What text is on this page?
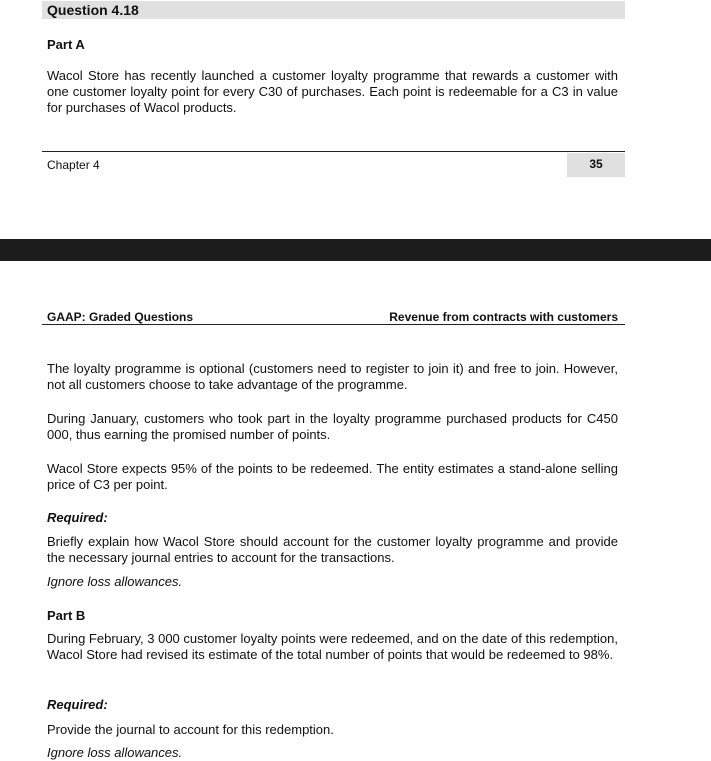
Question 4.18
Part A
Wacol Store has recently launched a customer loyalty programme that rewards a customer with one customer loyalty point for every C30 of purchases. Each point is redeemable for a C3 in value for purchases of Wacol products.
Chapter 4	35
GAAP: Graded Questions	Revenue from contracts with customers
The loyalty programme is optional (customers need to register to join it) and free to join. However, not all customers choose to take advantage of the programme.
During January, customers who took part in the loyalty programme purchased products for C450 000, thus earning the promised number of points.
Wacol Store expects 95% of the points to be redeemed. The entity estimates a stand-alone selling price of C3 per point.
Required:
Briefly explain how Wacol Store should account for the customer loyalty programme and provide the necessary journal entries to account for the transactions.
Ignore loss allowances.
Part B
During February, 3 000 customer loyalty points were redeemed, and on the date of this redemption, Wacol Store had revised its estimate of the total number of points that would be redeemed to 98%.
Required:
Provide the journal to account for this redemption.
Ignore loss allowances.
